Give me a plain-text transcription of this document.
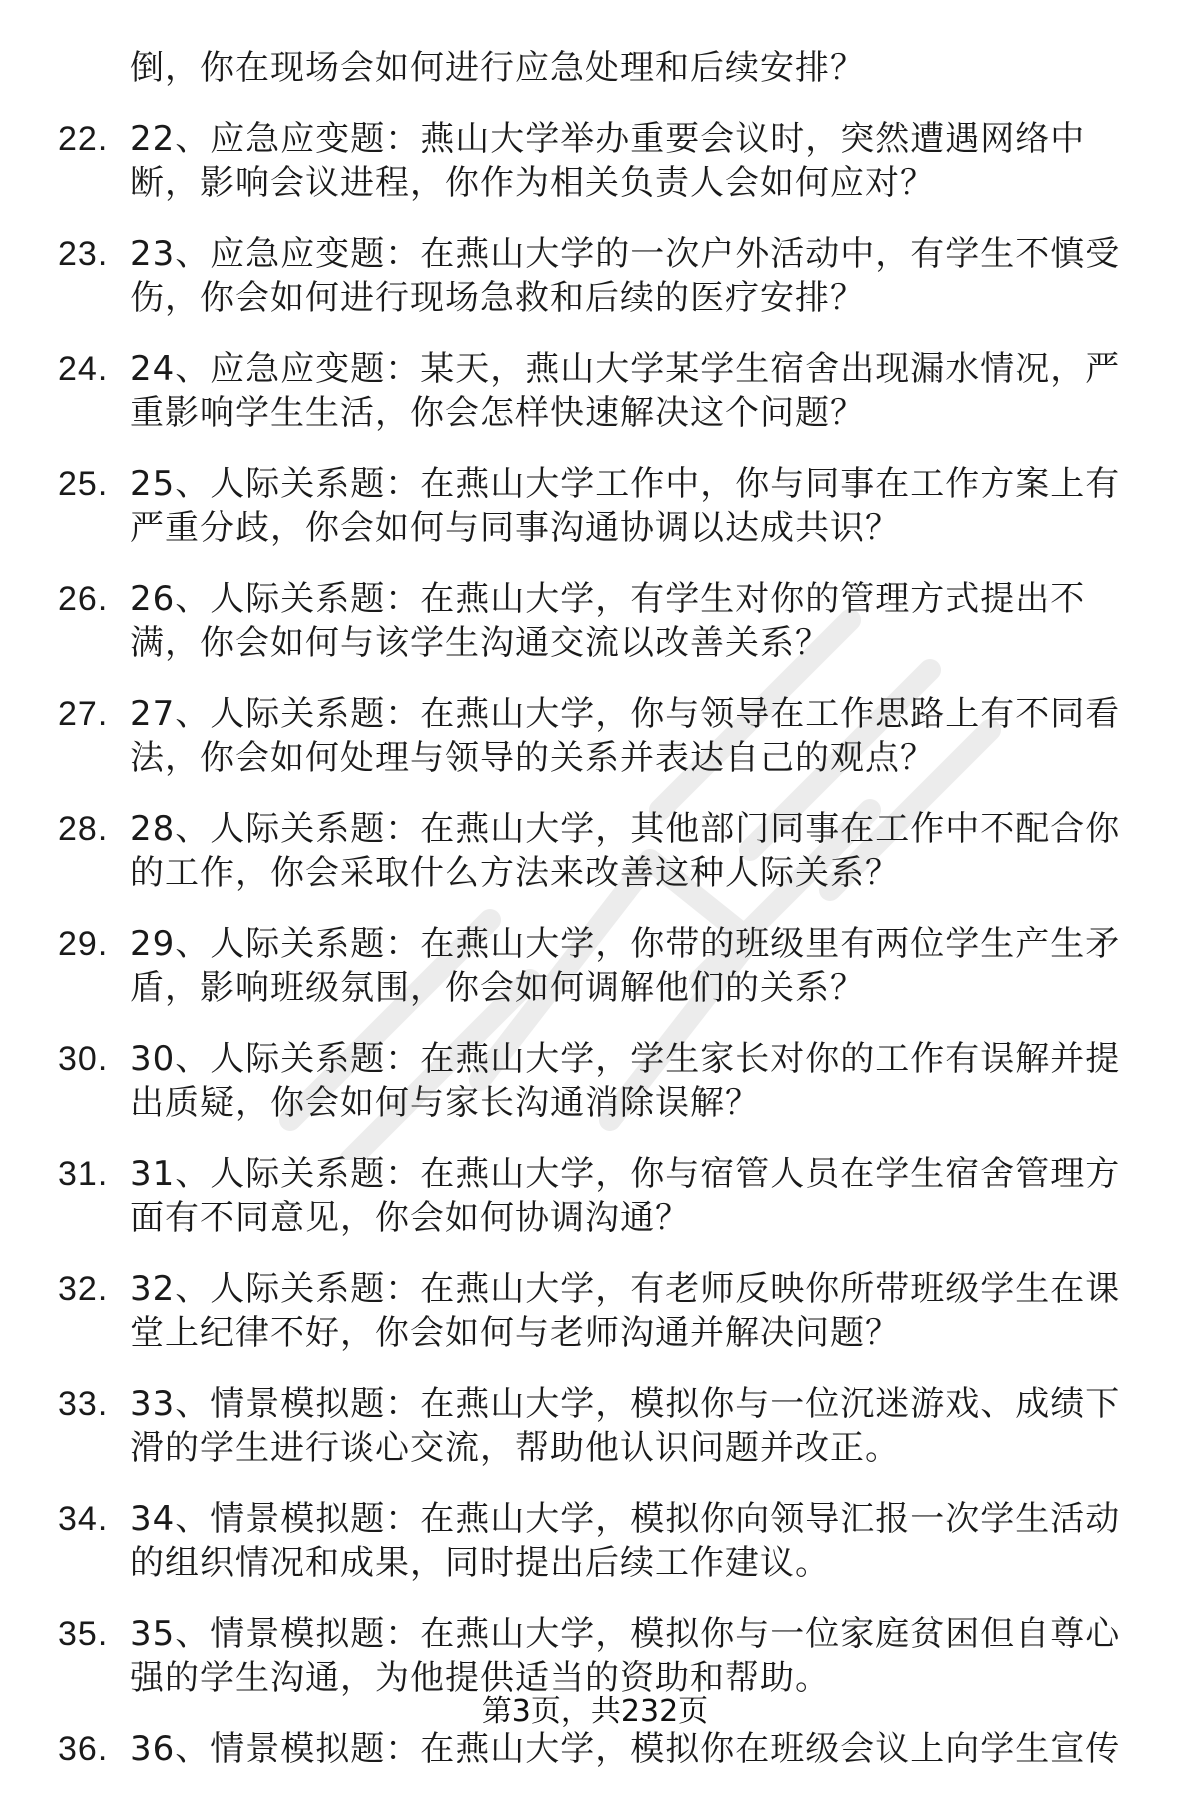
倒，你在现场会如何进行应急处理和后续安排？
22. 22、应急应变题：燕山大学举办重要会议时，突然遭遇网络中断，影响会议进程，你作为相关负责人会如何应对？
23. 23、应急应变题：在燕山大学的一次户外活动中，有学生不慎受伤，你会如何进行现场急救和后续的医疗安排？
24. 24、应急应变题：某天，燕山大学某学生宿舍出现漏水情况，严重影响学生生活，你会怎样快速解决这个问题？
25. 25、人际关系题：在燕山大学工作中，你与同事在工作方案上有严重分歧，你会如何与同事沟通协调以达成共识？
26. 26、人际关系题：在燕山大学，有学生对你的管理方式提出不满，你会如何与该学生沟通交流以改善关系？
27. 27、人际关系题：在燕山大学，你与领导在工作思路上有不同看法，你会如何处理与领导的关系并表达自己的观点？
28. 28、人际关系题：在燕山大学，其他部门同事在工作中不配合你的工作，你会采取什么方法来改善这种人际关系？
29. 29、人际关系题：在燕山大学，你带的班级里有两位学生产生矛盾，影响班级氛围，你会如何调解他们的关系？
30. 30、人际关系题：在燕山大学，学生家长对你的工作有误解并提出质疑，你会如何与家长沟通消除误解？
31. 31、人际关系题：在燕山大学，你与宿管人员在学生宿舍管理方面有不同意见，你会如何协调沟通？
32. 32、人际关系题：在燕山大学，有老师反映你所带班级学生在课堂上纪律不好，你会如何与老师沟通并解决问题？
33. 33、情景模拟题：在燕山大学，模拟你与一位沉迷游戏、成绩下滑的学生进行谈心交流，帮助他认识问题并改正。
34. 34、情景模拟题：在燕山大学，模拟你向领导汇报一次学生活动的组织情况和成果，同时提出后续工作建议。
35. 35、情景模拟题：在燕山大学，模拟你与一位家庭贫困但自尊心强的学生沟通，为他提供适当的资助和帮助。
36. 36、情景模拟题：在燕山大学，模拟你在班级会议上向学生宣传
第3页，共232页
